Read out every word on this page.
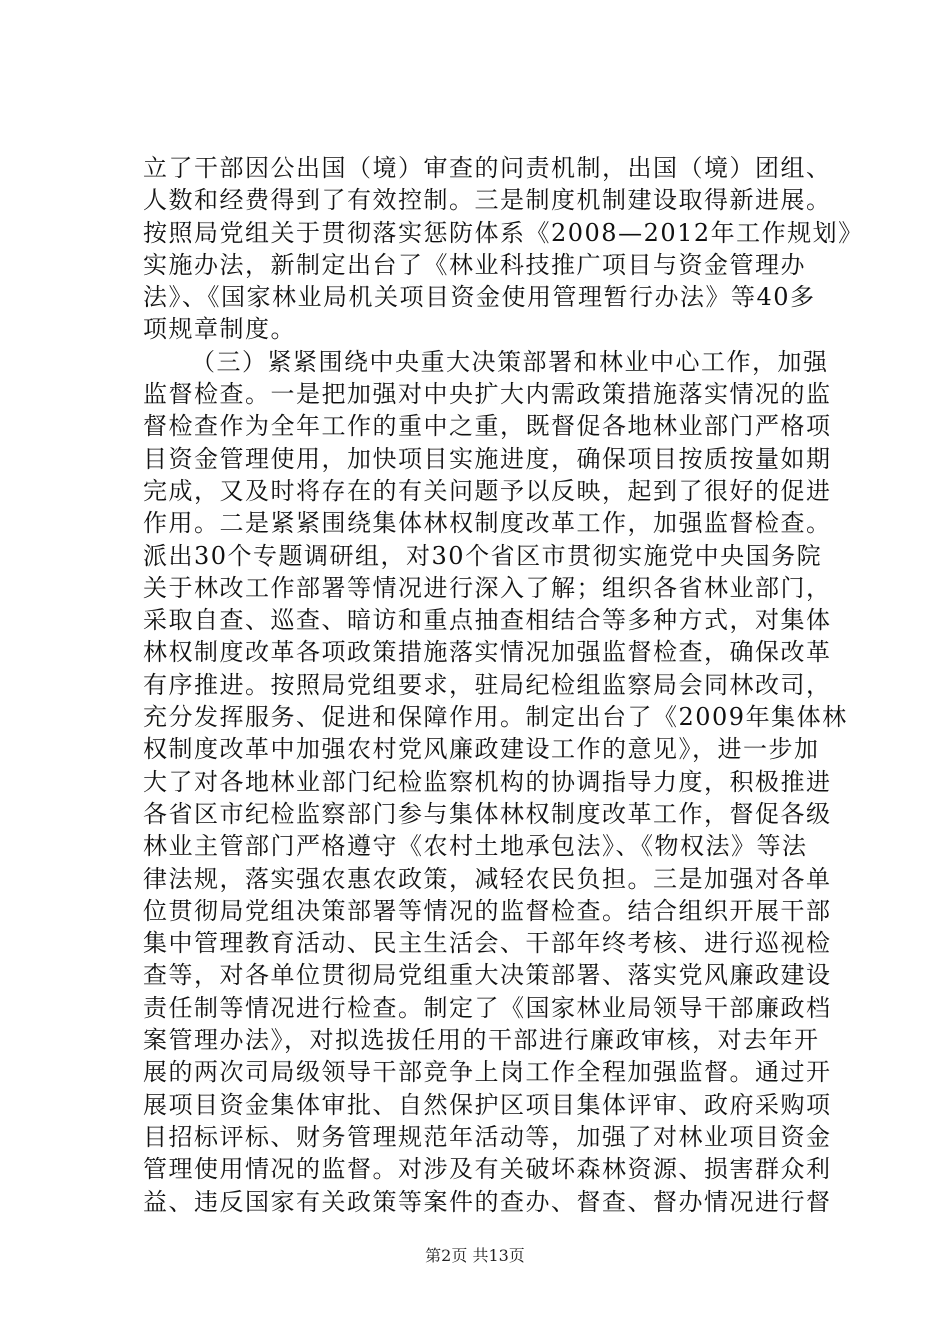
立了干部因公出国（境）审查的问责机制，出国（境）团组、
人数和经费得到了有效控制。三是制度机制建设取得新进展。
按照局党组关于贯彻落实惩防体系《2008—2012年工作规划》
实施办法，新制定出台了《林业科技推广项目与资金管理办
法》、《国家林业局机关项目资金使用管理暂行办法》等40多
项规章制度。
（三）紧紧围绕中央重大决策部署和林业中心工作，加强
监督检查。一是把加强对中央扩大内需政策措施落实情况的监
督检查作为全年工作的重中之重，既督促各地林业部门严格项
目资金管理使用，加快项目实施进度，确保项目按质按量如期
完成，又及时将存在的有关问题予以反映，起到了很好的促进
作用。二是紧紧围绕集体林权制度改革工作，加强监督检查。
派出30个专题调研组，对30个省区市贯彻实施党中央国务院
关于林改工作部署等情况进行深入了解；组织各省林业部门，
采取自查、巡查、暗访和重点抽查相结合等多种方式，对集体
林权制度改革各项政策措施落实情况加强监督检查，确保改革
有序推进。按照局党组要求，驻局纪检组监察局会同林改司，
充分发挥服务、促进和保障作用。制定出台了《2009年集体林
权制度改革中加强农村党风廉政建设工作的意见》，进一步加
大了对各地林业部门纪检监察机构的协调指导力度，积极推进
各省区市纪检监察部门参与集体林权制度改革工作，督促各级
林业主管部门严格遵守《农村土地承包法》、《物权法》等法
律法规，落实强农惠农政策，减轻农民负担。三是加强对各单
位贯彻局党组决策部署等情况的监督检查。结合组织开展干部
集中管理教育活动、民主生活会、干部年终考核、进行巡视检
查等，对各单位贯彻局党组重大决策部署、落实党风廉政建设
责任制等情况进行检查。制定了《国家林业局领导干部廉政档
案管理办法》，对拟选拔任用的干部进行廉政审核，对去年开
展的两次司局级领导干部竞争上岗工作全程加强监督。通过开
展项目资金集体审批、自然保护区项目集体评审、政府采购项
目招标评标、财务管理规范年活动等，加强了对林业项目资金
管理使用情况的监督。对涉及有关破坏森林资源、损害群众利
益、违反国家有关政策等案件的查办、督查、督办情况进行督
第2页 共13页
